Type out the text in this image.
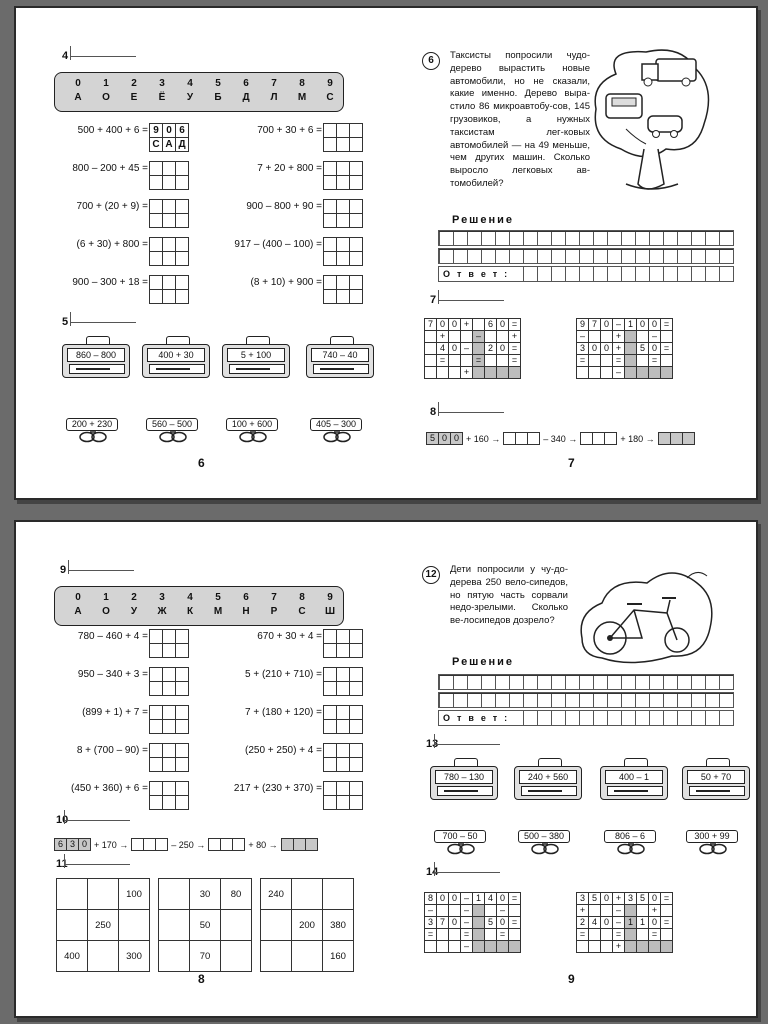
4
0
А
1
О
2
Е
3
Ё
4
У
5
Б
6
Д
7
Л
8
М
9
С
500 + 400 + 6 = 9 0 6
С А Д
800 – 200 + 45 =
700 + (20 + 9) =
(6 + 30) + 800 =
900 – 300 + 18 =
700 + 30 + 6 =
7 + 20 + 800 =
900 – 800 + 90 =
917 – (400 – 100) =
(8 + 10) + 900 =
5
860 – 800	400 + 30	5 + 100	740 – 40
200 + 230	560 – 500	100 + 600	405 – 300
6
6	Таксисты попросили чудо-дерево вырастить новые автомобили, но не сказали, какие именно. Дерево выра-стило 86 микроавтобу-сов, 145 грузовиков, а нужных таксистам лег-ковых автомобилей — на 49 меньше, чем других машин. Сколько выросло легковых ав-томобилей?
Решение
Ответ:
7
7	0	0	+		6	0	=
	+			–			+
	4	0	–		2	0	=
	=			=			=
			+				
9	7	0	–	1	0	0	=
–			+			–	
3	0	0	+		5	0	=
=			=			=	
			–				
8
5 0 0 + 160 →	– 340 →	+ 180 →
7
9
0
А
1
О
2
У
3
Ж
4
К
5
М
6
Н
7
Р
8
С
9
Ш
780 – 460 + 4 =
950 – 340 + 3 =
(899 + 1) + 7 =
8 + (700 – 90) =
(450 + 360) + 6 =
670 + 30 + 4 =
5 + (210 + 710) =
7 + (180 + 120) =
(250 + 250) + 4 =
217 + (230 + 370) =
10
6 3 0 + 170 →	– 250 →	+ 80 →
11
		100
	250	
400		300
	30	80
	50	
	70	
240		
	200	380
		160
8
12	Дети попросили у чу-до-дерева 250 вело-сипедов, но пятую часть сорвали недо-зрелыми. Сколько ве-лосипедов дозрело?
Решение
Ответ:
13
780 – 130	240 + 560	400 – 1	50 + 70
700 – 50	500 – 380	806 – 6	300 + 99
14
8	0	0	–	1	4	0	=
–			–			–	
3	7	0	–		5	0	=
=			=			=	
			–				
3	5	0	+	3	5	0	=
+			–			+	
2	4	0	–	1	1	0	=
=			=			=	
			+				
9
